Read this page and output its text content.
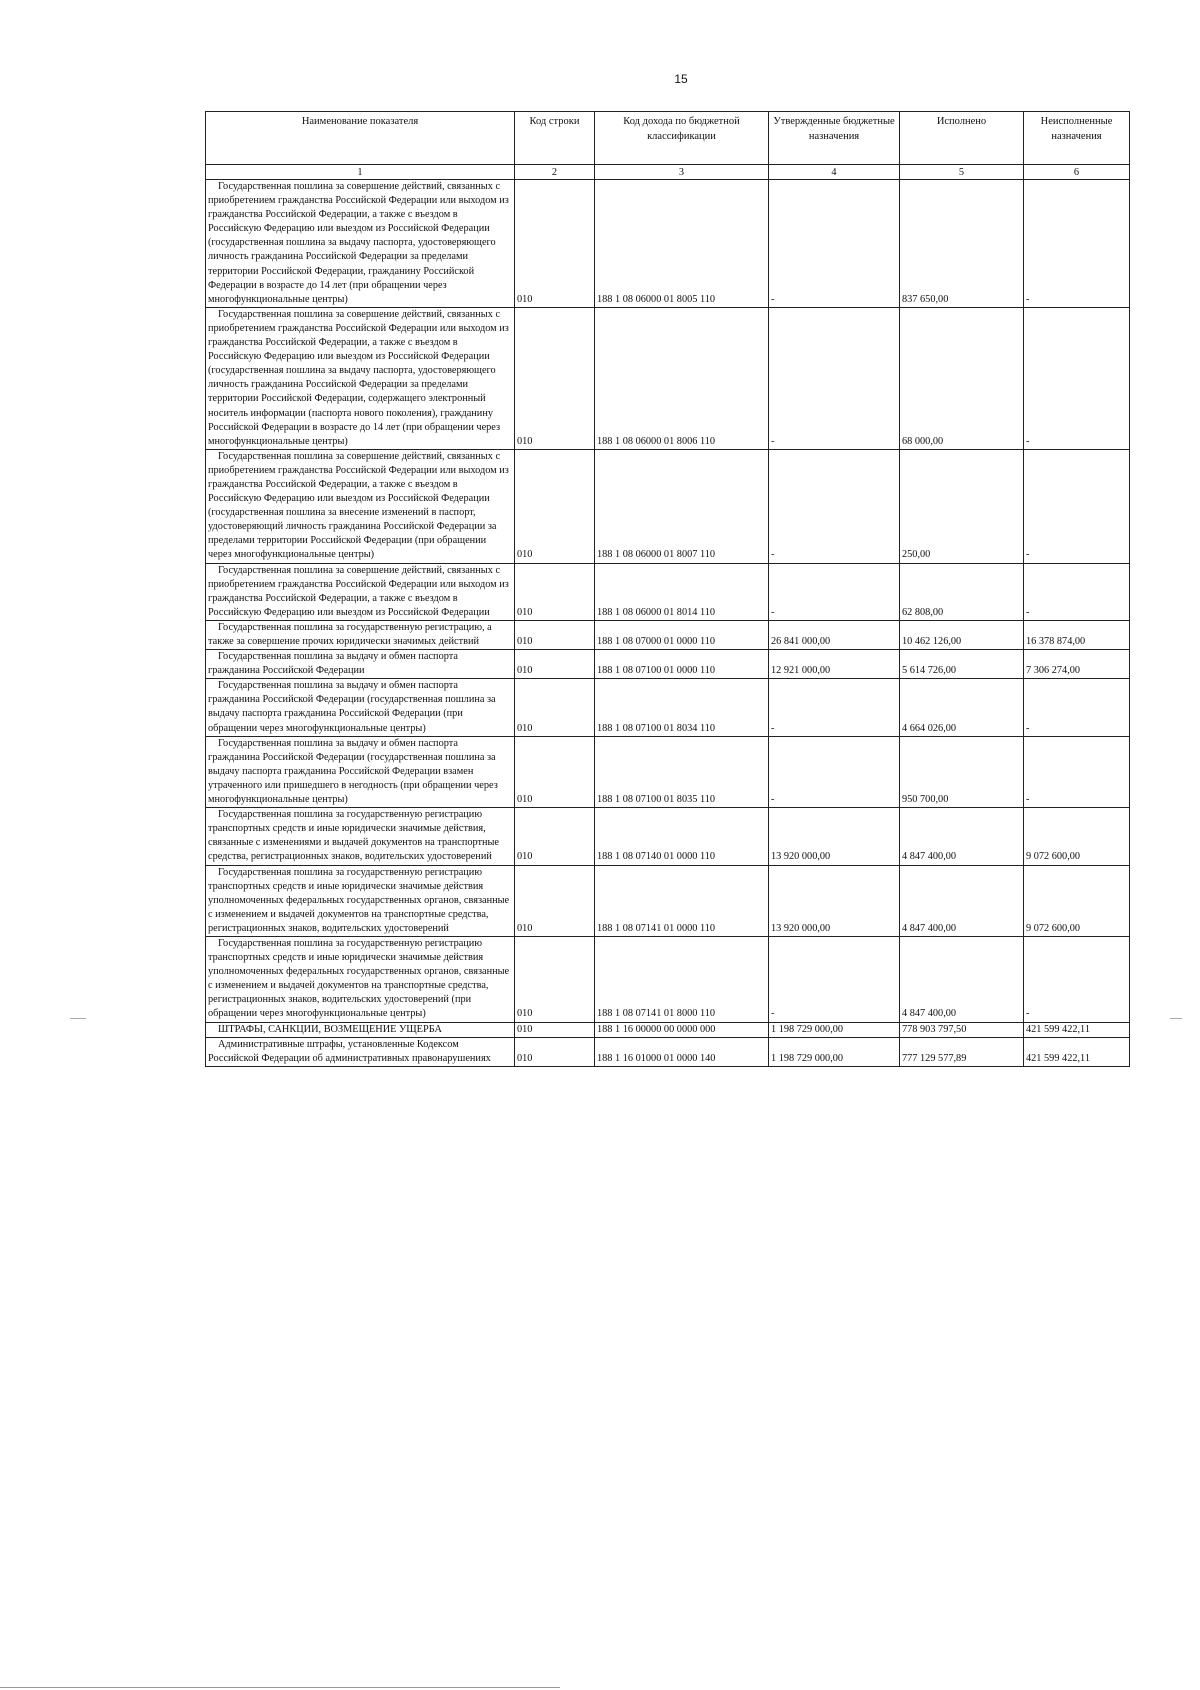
15
Наименование показателя	Код строки	Код дохода по бюджетной классификации	Утвержденные бюджетные назначения	Исполнено	Неисполненные назначения
1	2	3	4	5	6
Государственная пошлина за совершение действий, связанных с приобретением гражданства Российской Федерации или выходом из гражданства Российской Федерации, а также с въездом в Российскую Федерацию или выездом из Российской Федерации (государственная пошлина за выдачу паспорта, удостоверяющего личность гражданина Российской Федерации за пределами территории Российской Федерации, гражданину Российской Федерации в возрасте до 14 лет (при обращении через многофункциональные центры)	010	188 1 08 06000 01 8005 110	-	837 650,00	-
Государственная пошлина за совершение действий, связанных с приобретением гражданства Российской Федерации или выходом из гражданства Российской Федерации, а также с въездом в Российскую Федерацию или выездом из Российской Федерации (государственная пошлина за выдачу паспорта, удостоверяющего личность гражданина Российской Федерации за пределами территории Российской Федерации, содержащего электронный носитель информации (паспорта нового поколения), гражданину Российской Федерации в возрасте до 14 лет (при обращении через многофункциональные центры)	010	188 1 08 06000 01 8006 110	-	68 000,00	-
Государственная пошлина за совершение действий, связанных с приобретением гражданства Российской Федерации или выходом из гражданства Российской Федерации, а также с въездом в Российскую Федерацию или выездом из Российской Федерации (государственная пошлина за внесение изменений в паспорт, удостоверяющий личность гражданина Российской Федерации за пределами территории Российской Федерации (при обращении через многофункциональные центры)	010	188 1 08 06000 01 8007 110	-	250,00	-
Государственная пошлина за совершение действий, связанных с приобретением гражданства Российской Федерации или выходом из гражданства Российской Федерации, а также с въездом в Российскую Федерацию или выездом из Российской Федерации	010	188 1 08 06000 01 8014 110	-	62 808,00	-
Государственная пошлина за государственную регистрацию, а также за совершение прочих юридически значимых действий	010	188 1 08 07000 01 0000 110	26 841 000,00	10 462 126,00	16 378 874,00
Государственная пошлина за выдачу и обмен паспорта гражданина Российской Федерации	010	188 1 08 07100 01 0000 110	12 921 000,00	5 614 726,00	7 306 274,00
Государственная пошлина за выдачу и обмен паспорта гражданина Российской Федерации (государственная пошлина за выдачу паспорта гражданина Российской Федерации (при обращении через многофункциональные центры)	010	188 1 08 07100 01 8034 110	-	4 664 026,00	-
Государственная пошлина за выдачу и обмен паспорта гражданина Российской Федерации (государственная пошлина за выдачу паспорта гражданина Российской Федерации взамен утраченного или пришедшего в негодность (при обращении через многофункциональные центры)	010	188 1 08 07100 01 8035 110	-	950 700,00	-
Государственная пошлина за государственную регистрацию транспортных средств и иные юридически значимые действия, связанные с изменениями и выдачей документов на транспортные средства, регистрационных знаков, водительских удостоверений	010	188 1 08 07140 01 0000 110	13 920 000,00	4 847 400,00	9 072 600,00
Государственная пошлина за государственную регистрацию транспортных средств и иные юридически значимые действия уполномоченных федеральных государственных органов, связанные с изменением и выдачей документов на транспортные средства, регистрационных знаков, водительских удостоверений	010	188 1 08 07141 01 0000 110	13 920 000,00	4 847 400,00	9 072 600,00
Государственная пошлина за государственную регистрацию транспортных средств и иные юридически значимые действия уполномоченных федеральных государственных органов, связанные с изменением и выдачей документов на транспортные средства, регистрационных знаков, водительских удостоверений (при обращении через многофункциональные центры)	010	188 1 08 07141 01 8000 110	-	4 847 400,00	-
ШТРАФЫ, САНКЦИИ, ВОЗМЕЩЕНИЕ УЩЕРБА	010	188 1 16 00000 00 0000 000	1 198 729 000,00	778 903 797,50	421 599 422,11
Административные штрафы, установленные Кодексом Российской Федерации об административных правонарушениях	010	188 1 16 01000 01 0000 140	1 198 729 000,00	777 129 577,89	421 599 422,11
